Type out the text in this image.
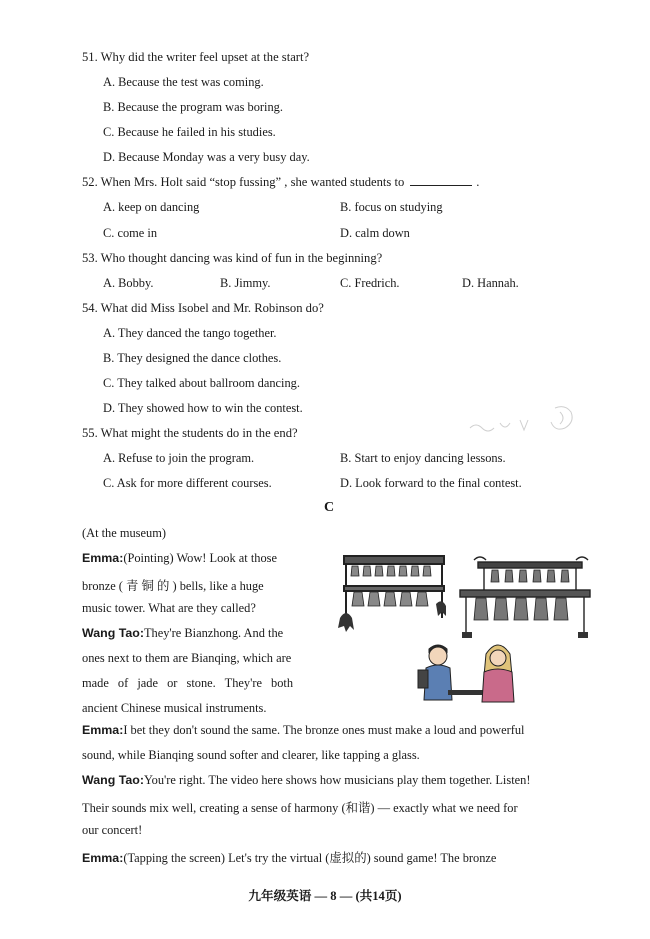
51. Why did the writer feel upset at the start?
A. Because the test was coming.
B. Because the program was boring.
C. Because he failed in his studies.
D. Because Monday was a very busy day.
52. When Mrs. Holt said “stop fussing” , she wanted students to	.
A. keep on dancing	B. focus on studying
C. come in	D. calm down
53. Who thought dancing was kind of fun in the beginning?
A. Bobby.	B. Jimmy.	C. Fredrich.	D. Hannah.
54. What did Miss Isobel and Mr. Robinson do?
A. They danced the tango together.
B. They designed the dance clothes.
C. They talked about ballroom dancing.
D. They showed how to win the contest.
55. What might the students do in the end?
A. Refuse to join the program.	B. Start to enjoy dancing lessons.
C. Ask for more different courses.	D. Look forward to the final contest.
C
(At the museum)
Emma:(Pointing) Wow! Look at those
bronze ( 青 铜 的 ) bells, like a huge
music tower. What are they called?
Wang Tao:They're Bianzhong. And the
ones next to them are Bianqing, which are
made of jade or stone. They're both
ancient Chinese musical instruments.
Emma:I bet they don't sound the same. The bronze ones must make a loud and powerful
sound, while Bianqing sound softer and clearer, like tapping a glass.
Wang Tao:You're right. The video here shows how musicians play them together. Listen!
Their sounds mix well, creating a sense of harmony (和谐) — exactly what we need for
our concert!
Emma:(Tapping the screen) Let's try the virtual (虚拟的) sound game! The bronze
九年级英语 — 8 — (共14页)
